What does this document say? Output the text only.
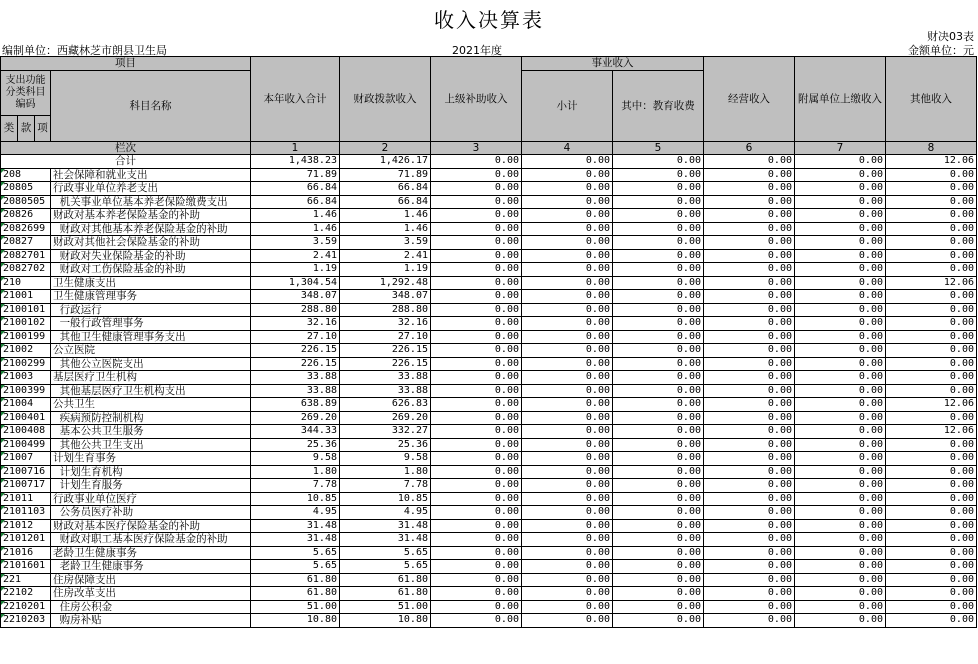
收入决算表
财决03表
编制单位：西藏林芝市朗县卫生局	2021年度	金额单位：元
项目				本年收入合计	财政拨款收入	上级补助收入	事业收入		经营收入	附属单位上缴收入	其他收入
支出功能分类科目编码			科目名称				小计	其中：教育收费			
类	款	项									
栏次				1	2	3	4	5	6	7	8
合计				1,438.23	1,426.17	0.00	0.00	0.00	0.00	0.00	12.06
208			社会保障和就业支出	71.89	71.89	0.00	0.00	0.00	0.00	0.00	0.00
20805			行政事业单位养老支出	66.84	66.84	0.00	0.00	0.00	0.00	0.00	0.00
2080505			机关事业单位基本养老保险缴费支出	66.84	66.84	0.00	0.00	0.00	0.00	0.00	0.00
20826			财政对基本养老保险基金的补助	1.46	1.46	0.00	0.00	0.00	0.00	0.00	0.00
2082699			财政对其他基本养老保险基金的补助	1.46	1.46	0.00	0.00	0.00	0.00	0.00	0.00
20827			财政对其他社会保险基金的补助	3.59	3.59	0.00	0.00	0.00	0.00	0.00	0.00
2082701			财政对失业保险基金的补助	2.41	2.41	0.00	0.00	0.00	0.00	0.00	0.00
2082702			财政对工伤保险基金的补助	1.19	1.19	0.00	0.00	0.00	0.00	0.00	0.00
210			卫生健康支出	1,304.54	1,292.48	0.00	0.00	0.00	0.00	0.00	12.06
21001			卫生健康管理事务	348.07	348.07	0.00	0.00	0.00	0.00	0.00	0.00
2100101			行政运行	288.80	288.80	0.00	0.00	0.00	0.00	0.00	0.00
2100102			一般行政管理事务	32.16	32.16	0.00	0.00	0.00	0.00	0.00	0.00
2100199			其他卫生健康管理事务支出	27.10	27.10	0.00	0.00	0.00	0.00	0.00	0.00
21002			公立医院	226.15	226.15	0.00	0.00	0.00	0.00	0.00	0.00
2100299			其他公立医院支出	226.15	226.15	0.00	0.00	0.00	0.00	0.00	0.00
21003			基层医疗卫生机构	33.88	33.88	0.00	0.00	0.00	0.00	0.00	0.00
2100399			其他基层医疗卫生机构支出	33.88	33.88	0.00	0.00	0.00	0.00	0.00	0.00
21004			公共卫生	638.89	626.83	0.00	0.00	0.00	0.00	0.00	12.06
2100401			疾病预防控制机构	269.20	269.20	0.00	0.00	0.00	0.00	0.00	0.00
2100408			基本公共卫生服务	344.33	332.27	0.00	0.00	0.00	0.00	0.00	12.06
2100499			其他公共卫生支出	25.36	25.36	0.00	0.00	0.00	0.00	0.00	0.00
21007			计划生育事务	9.58	9.58	0.00	0.00	0.00	0.00	0.00	0.00
2100716			计划生育机构	1.80	1.80	0.00	0.00	0.00	0.00	0.00	0.00
2100717			计划生育服务	7.78	7.78	0.00	0.00	0.00	0.00	0.00	0.00
21011			行政事业单位医疗	10.85	10.85	0.00	0.00	0.00	0.00	0.00	0.00
2101103			公务员医疗补助	4.95	4.95	0.00	0.00	0.00	0.00	0.00	0.00
21012			财政对基本医疗保险基金的补助	31.48	31.48	0.00	0.00	0.00	0.00	0.00	0.00
2101201			财政对职工基本医疗保险基金的补助	31.48	31.48	0.00	0.00	0.00	0.00	0.00	0.00
21016			老龄卫生健康事务	5.65	5.65	0.00	0.00	0.00	0.00	0.00	0.00
2101601			老龄卫生健康事务	5.65	5.65	0.00	0.00	0.00	0.00	0.00	0.00
221			住房保障支出	61.80	61.80	0.00	0.00	0.00	0.00	0.00	0.00
22102			住房改革支出	61.80	61.80	0.00	0.00	0.00	0.00	0.00	0.00
2210201			住房公积金	51.00	51.00	0.00	0.00	0.00	0.00	0.00	0.00
2210203			购房补贴	10.80	10.80	0.00	0.00	0.00	0.00	0.00	0.00
